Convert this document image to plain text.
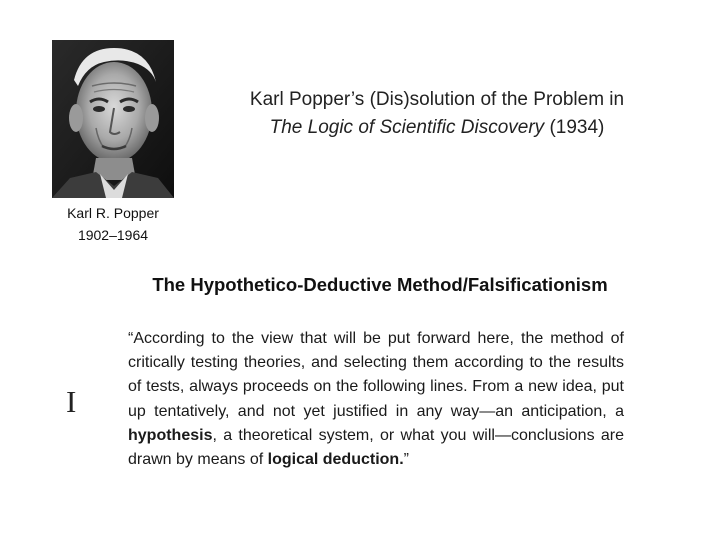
Karl R. Popper
1902–1964
Karl Popper’s (Dis)solution of the Problem in
The Logic of Scientific Discovery (1934)
The Hypothetico-Deductive Method/Falsificationism
I

“According to the view that will be put forward here, the method of critically testing theories, and selecting them according to the results of tests, always proceeds on the following lines. From a new idea, put up tentatively, and not yet justified in any way—an anticipation, a hypothesis, a theoretical system, or what you will—conclusions are drawn by means of logical deduction.”
